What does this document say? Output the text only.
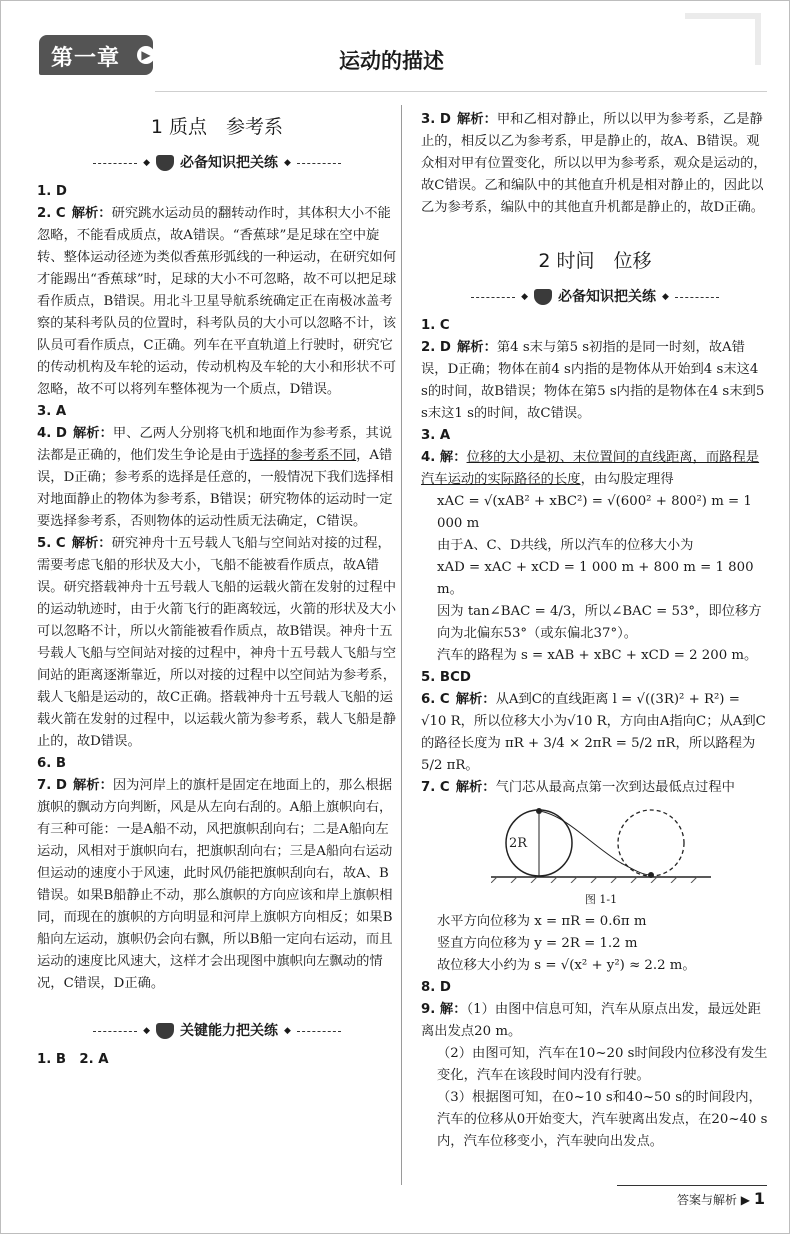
第一章	▶	运动的描述
1 质点　参考系
◆ 必备知识把关练 ◆

1. D

2. C 解析：研究跳水运动员的翻转动作时，其体积大小不能忽略，不能看成质点，故A错误。“香蕉球”是足球在空中旋转、整体运动径迹为类似香蕉形弧线的一种运动，在研究如何才能踢出“香蕉球”时，足球的大小不可忽略，故不可以把足球看作质点，B错误。用北斗卫星导航系统确定正在南极冰盖考察的某科考队员的位置时，科考队员的大小可以忽略不计，该队员可看作质点，C正确。列车在平直轨道上行驶时，研究它的传动机构及车轮的运动，传动机构及车轮的大小和形状不可忽略，故不可以将列车整体视为一个质点，D错误。

3. A

4. D 解析：甲、乙两人分别将飞机和地面作为参考系，其说法都是正确的，他们发生争论是由于选择的参考系不同，A错误，D正确；参考系的选择是任意的，一般情况下我们选择相对地面静止的物体为参考系，B错误；研究物体的运动时一定要选择参考系，否则物体的运动性质无法确定，C错误。

5. C 解析：研究神舟十五号载人飞船与空间站对接的过程，需要考虑飞船的形状及大小，飞船不能被看作质点，故A错误。研究搭载神舟十五号载人飞船的运载火箭在发射的过程中的运动轨迹时，由于火箭飞行的距离较远，火箭的形状及大小可以忽略不计，所以火箭能被看作质点，故B错误。神舟十五号载人飞船与空间站对接的过程中，神舟十五号载人飞船与空间站的距离逐渐靠近，所以对接的过程中以空间站为参考系，载人飞船是运动的，故C正确。搭载神舟十五号载人飞船的运载火箭在发射的过程中，以运载火箭为参考系，载人飞船是静止的，故D错误。

6. B

7. D 解析：因为河岸上的旗杆是固定在地面上的，那么根据旗帜的飘动方向判断，风是从左向右刮的。A船上旗帜向右，有三种可能：一是A船不动，风把旗帜刮向右；二是A船向左运动，风相对于旗帜向右，把旗帜刮向右；三是A船向右运动但运动的速度小于风速，此时风仍能把旗帜刮向右，故A、B错误。如果B船静止不动，那么旗帜的方向应该和岸上旗帜相同，而现在的旗帜的方向明显和河岸上旗帜方向相反；如果B船向左运动，旗帜仍会向右飘，所以B船一定向右运动，而且运动的速度比风速大，这样才会出现图中旗帜向左飘动的情况，C错误，D正确。

◆ 关键能力把关练 ◆

1. B　2. A

3. D 解析：甲和乙相对静止，所以以甲为参考系，乙是静止的，相反以乙为参考系，甲是静止的，故A、B错误。观众相对甲有位置变化，所以以甲为参考系，观众是运动的，故C错误。乙和编队中的其他直升机是相对静止的，因此以乙为参考系，编队中的其他直升机都是静止的，故D正确。

2 时间　位移
◆ 必备知识把关练 ◆

1. C

2. D 解析：第4 s末与第5 s初指的是同一时刻，故A错误，D正确；物体在前4 s内指的是物体从开始到4 s末这4 s的时间，故B错误；物体在第5 s内指的是物体在4 s末到5 s末这1 s的时间，故C错误。

3. A

4. 解：位移的大小是初、末位置间的直线距离，而路程是汽车运动的实际路径的长度，由勾股定理得

xAC = √(xAB² + xBC²) = √(600² + 800²) m = 1 000 m

由于A、C、D共线，所以汽车的位移大小为

xAD = xAC + xCD = 1 000 m + 800 m = 1 800 m。

因为 tan∠BAC = 4/3，所以∠BAC = 53°，即位移方向为北偏东53°（或东偏北37°）。

汽车的路程为 s = xAB + xBC + xCD = 2 200 m。

5. BCD

6. C 解析：从A到C的直线距离 l = √((3R)² + R²) = √10 R，所以位移大小为√10 R，方向由A指向C；从A到C的路径长度为 πR + 3/4 × 2πR = 5/2 πR，所以路程为 5/2 πR。

7. C 解析：气门芯从最高点第一次到达最低点过程中

2R
图 1-1

水平方向位移为 x = πR = 0.6π m

竖直方向位移为 y = 2R = 1.2 m

故位移大小约为 s = √(x² + y²) ≈ 2.2 m。

8. D

9. 解：（1）由图中信息可知，汽车从原点出发，最远处距离出发点20 m。

（2）由图可知，汽车在10~20 s时间段内位移没有发生变化，汽车在该段时间内没有行驶。

（3）根据图可知，在0~10 s和40~50 s的时间段内，汽车的位移从0开始变大，汽车驶离出发点，在20~40 s内，汽车位移变小，汽车驶向出发点。

答案与解析 ▶ 1
